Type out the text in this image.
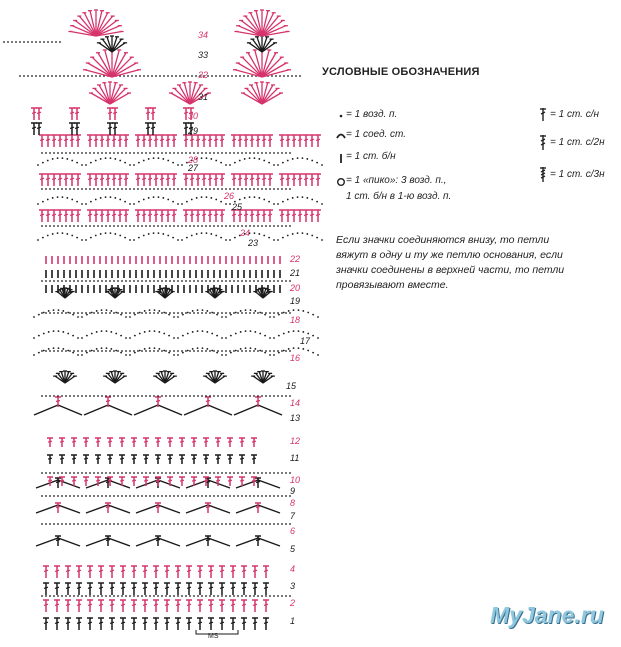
1
2
3
4
5
6
7
8
9
10
11
12
13
14
15
16
17
18
19
20
21
22
23
24
25
26
27
28
29
30
31
32
33
34
УСЛОВНЫЕ ОБОЗНАЧЕНИЯ
= 1 возд. п.
= 1 соед. ст.
= 1 ст. б/н
= 1 «пико»: 3 возд. п.,
1 ст. б/н в 1-ю возд. п.
= 1 ст. с/н
= 1 ст. с/2н
= 1 ст. с/3н
Если значки соединяются внизу, то петли
вяжут в одну и ту же петлю основания, если
значки соединены в верхней части, то петли
провязывают вместе.
MS
MyJane.ru
